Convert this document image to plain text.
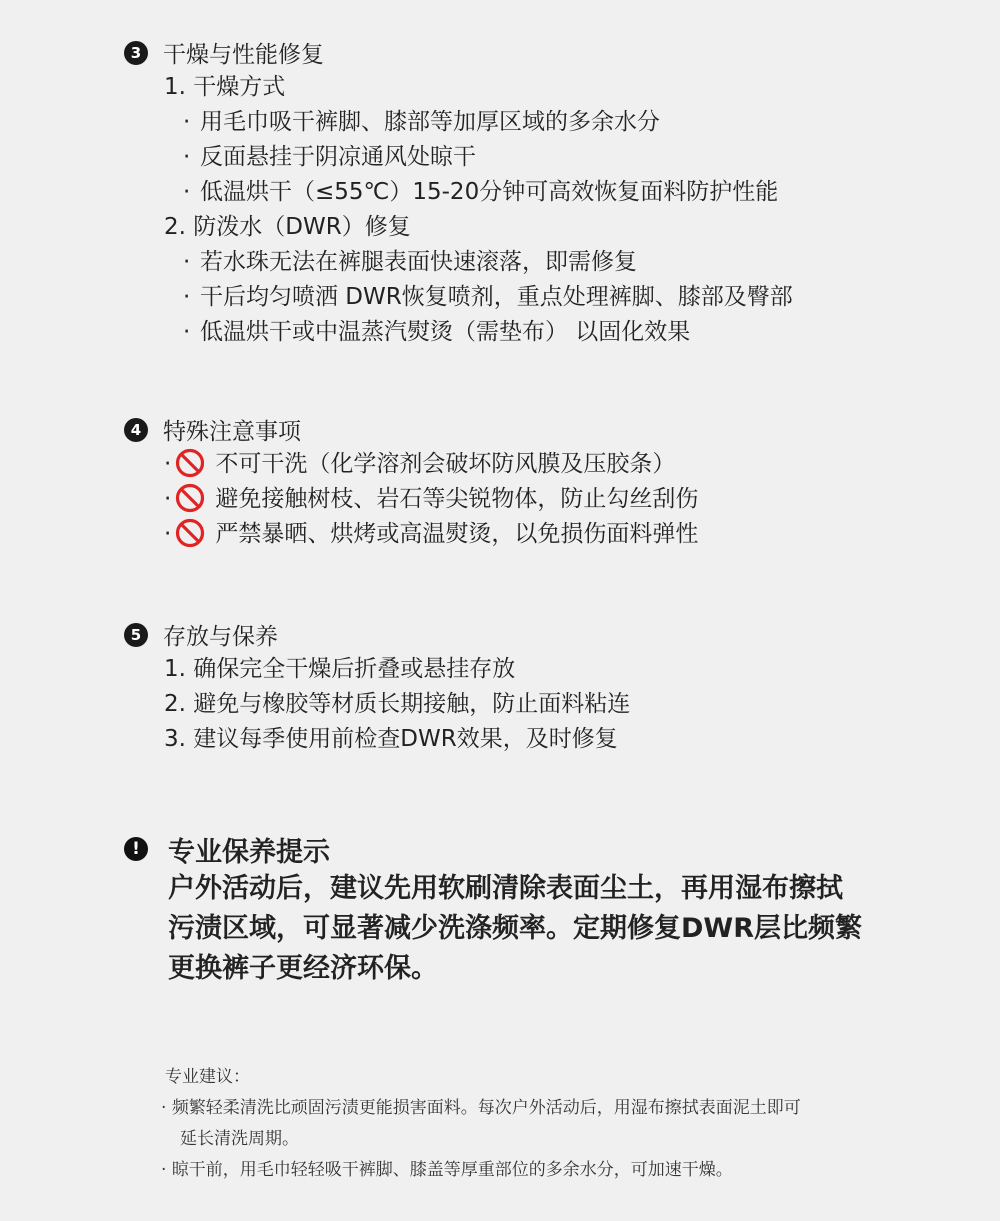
3 干燥与性能修复
1. 干燥方式
· 用毛巾吸干裤脚、膝部等加厚区域的多余水分
· 反面悬挂于阴凉通风处晾干
· 低温烘干（≤55℃）15-20分钟可高效恢复面料防护性能
2. 防泼水（DWR）修复
· 若水珠无法在裤腿表面快速滚落，即需修复
· 干后均匀喷洒 DWR恢复喷剂，重点处理裤脚、膝部及臀部
· 低温烘干或中温蒸汽熨烫（需垫布） 以固化效果
4 特殊注意事项
· 不可干洗（化学溶剂会破坏防风膜及压胶条）
· 避免接触树枝、岩石等尖锐物体，防止勾丝刮伤
· 严禁暴晒、烘烤或高温熨烫，以免损伤面料弹性
5 存放与保养
1. 确保完全干燥后折叠或悬挂存放
2. 避免与橡胶等材质长期接触，防止面料粘连
3. 建议每季使用前检查DWR效果，及时修复
!	专业保养提示
户外活动后，建议先用软刷清除表面尘土，再用湿布擦拭
污渍区域，可显著减少洗涤频率。定期修复DWR层比频繁
更换裤子更经济环保。
专业建议：
· 频繁轻柔清洗比顽固污渍更能损害面料。每次户外活动后，用湿布擦拭表面泥土即可
延长清洗周期。
· 晾干前，用毛巾轻轻吸干裤脚、膝盖等厚重部位的多余水分，可加速干燥。
